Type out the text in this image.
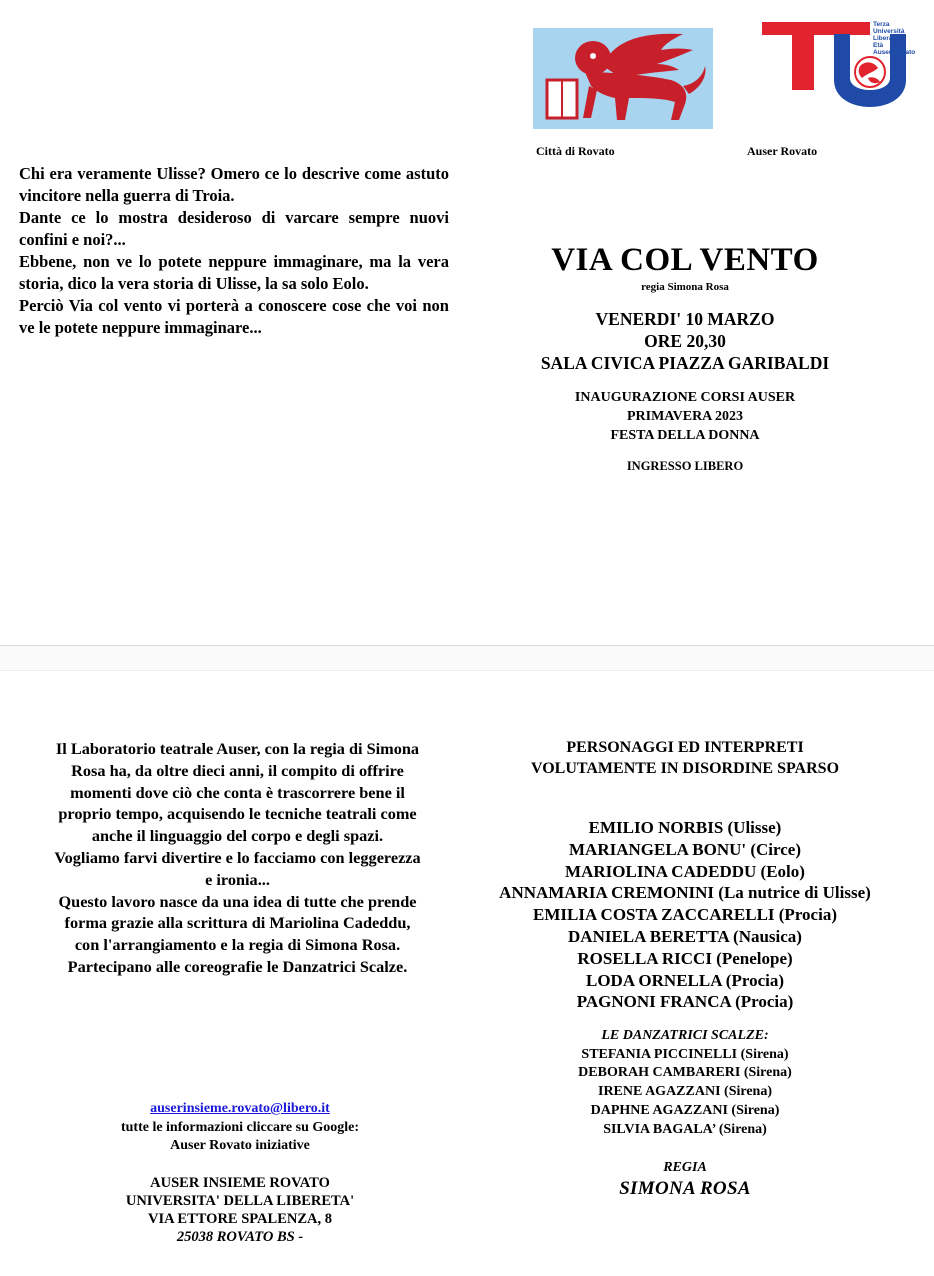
Chi era veramente Ulisse? Omero ce lo descrive come astuto vincitore nella guerra di Troia.

Dante ce lo mostra desideroso di varcare sempre nuovi confini e noi?...

Ebbene, non ve lo potete neppure immaginare, ma la vera storia, dico la vera storia di Ulisse, la sa solo Eolo.

Perciò Via col vento vi porterà a conoscere cose che voi non ve le potete neppure immaginare...

Terza
Università
Libera
Età
Auser Rovato
Città di Rovato	Auser Rovato
VIA COL VENTO
regia Simona Rosa
VENERDI' 10 MARZO
ORE 20,30
SALA CIVICA PIAZZA GARIBALDI
INAUGURAZIONE CORSI AUSER
PRIMAVERA 2023
FESTA DELLA DONNA
INGRESSO LIBERO

Il Laboratorio teatrale Auser, con la regia di Simona

Rosa ha, da oltre dieci anni, il compito di offrire

momenti dove ciò che conta è trascorrere bene il

proprio tempo, acquisendo le tecniche teatrali come

anche il linguaggio del corpo e degli spazi.

Vogliamo farvi divertire e lo facciamo con leggerezza

e ironia...

Questo lavoro nasce da una idea di tutte che prende

forma grazie alla scrittura di Mariolina Cadeddu,

con l'arrangiamento e la regia di Simona Rosa.

Partecipano alle coreografie le Danzatrici Scalze.

auserinsieme.rovato@libero.it
tutte le informazioni cliccare su Google:
Auser Rovato iniziative
AUSER INSIEME ROVATO
UNIVERSITA' DELLA LIBERETA'
VIA ETTORE SPALENZA, 8
25038 ROVATO BS -
PERSONAGGI ED INTERPRETI
VOLUTAMENTE IN DISORDINE SPARSO
EMILIO NORBIS (Ulisse)
MARIANGELA BONU' (Circe)
MARIOLINA CADEDDU (Eolo)
ANNAMARIA CREMONINI (La nutrice di Ulisse)
EMILIA COSTA ZACCARELLI (Procia)
DANIELA BERETTA (Nausica)
ROSELLA RICCI (Penelope)
LODA ORNELLA (Procia)
PAGNONI FRANCA (Procia)
LE DANZATRICI SCALZE:
STEFANIA PICCINELLI (Sirena)
DEBORAH CAMBARERI (Sirena)
IRENE AGAZZANI (Sirena)
DAPHNE AGAZZANI (Sirena)
SILVIA BAGALA’ (Sirena)
REGIA
SIMONA ROSA
